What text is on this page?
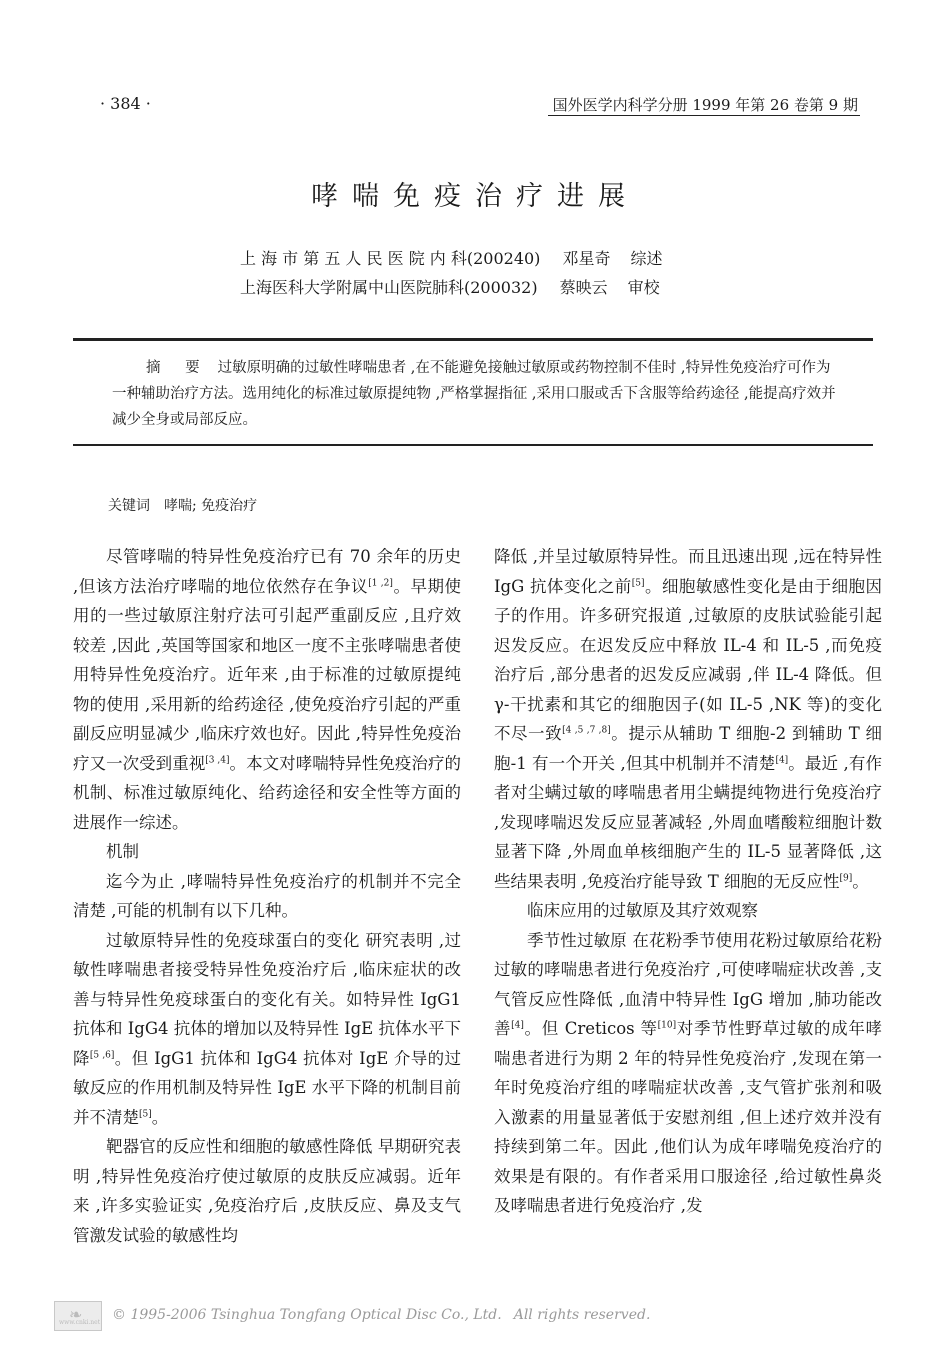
· 384 ·	国外医学内科学分册 1999 年第 26 卷第 9 期
哮喘免疫治疗进展
上 海 市 第 五 人 民 医 院 内 科(200240) 邓星奇 综述
上海医科大学附属中山医院肺科(200032) 蔡映云 审校
摘 要 过敏原明确的过敏性哮喘患者 ,在不能避免接触过敏原或药物控制不佳时 ,特异性免疫治疗可作为一种辅助治疗方法。选用纯化的标准过敏原提纯物 ,严格掌握指征 ,采用口服或舌下含服等给药途径 ,能提高疗效并减少全身或局部反应。
关键词 哮喘; 免疫治疗

尽管哮喘的特异性免疫治疗已有 70 余年的历史 ,但该方法治疗哮喘的地位依然存在争议[1 ,2]。早期使用的一些过敏原注射疗法可引起严重副反应 ,且疗效较差 ,因此 ,英国等国家和地区一度不主张哮喘患者使用特异性免疫治疗。近年来 ,由于标准的过敏原提纯物的使用 ,采用新的给药途径 ,使免疫治疗引起的严重副反应明显减少 ,临床疗效也好。因此 ,特异性免疫治疗又一次受到重视[3 ,4]。本文对哮喘特异性免疫治疗的机制、标准过敏原纯化、给药途径和安全性等方面的进展作一综述。

机制

迄今为止 ,哮喘特异性免疫治疗的机制并不完全清楚 ,可能的机制有以下几种。

过敏原特异性的免疫球蛋白的变化 研究表明 ,过敏性哮喘患者接受特异性免疫治疗后 ,临床症状的改善与特异性免疫球蛋白的变化有关。如特异性 IgG1 抗体和 IgG4 抗体的增加以及特异性 IgE 抗体水平下降[5 ,6]。但 IgG1 抗体和 IgG4 抗体对 IgE 介导的过敏反应的作用机制及特异性 IgE 水平下降的机制目前并不清楚[5]。

靶器官的反应性和细胞的敏感性降低 早期研究表明 ,特异性免疫治疗使过敏原的皮肤反应减弱。近年来 ,许多实验证实 ,免疫治疗后 ,皮肤反应、鼻及支气管激发试验的敏感性均

降低 ,并呈过敏原特异性。而且迅速出现 ,远在特异性 IgG 抗体变化之前[5]。细胞敏感性变化是由于细胞因子的作用。许多研究报道 ,过敏原的皮肤试验能引起迟发反应。在迟发反应中释放 IL-4 和 IL-5 ,而免疫治疗后 ,部分患者的迟发反应减弱 ,伴 IL-4 降低。但γ-干扰素和其它的细胞因子(如 IL-5 ,NK 等)的变化不尽一致[4 ,5 ,7 ,8]。提示从辅助 T 细胞-2 到辅助 T 细胞-1 有一个开关 ,但其中机制并不清楚[4]。最近 ,有作者对尘螨过敏的哮喘患者用尘螨提纯物进行免疫治疗 ,发现哮喘迟发反应显著减轻 ,外周血嗜酸粒细胞计数显著下降 ,外周血单核细胞产生的 IL-5 显著降低 ,这些结果表明 ,免疫治疗能导致 T 细胞的无反应性[9]。

临床应用的过敏原及其疗效观察

季节性过敏原 在花粉季节使用花粉过敏原给花粉过敏的哮喘患者进行免疫治疗 ,可使哮喘症状改善 ,支气管反应性降低 ,血清中特异性 IgG 增加 ,肺功能改善[4]。但 Creticos 等[10]对季节性野草过敏的成年哮喘患者进行为期 2 年的特异性免疫治疗 ,发现在第一年时免疫治疗组的哮喘症状改善 ,支气管扩张剂和吸入激素的用量显著低于安慰剂组 ,但上述疗效并没有持续到第二年。因此 ,他们认为成年哮喘免疫治疗的效果是有限的。有作者采用口服途径 ,给过敏性鼻炎及哮喘患者进行免疫治疗 ,发

❧
www.cnki.net © 1995-2006 Tsinghua Tongfang Optical Disc Co., Ltd. All rights reserved.
